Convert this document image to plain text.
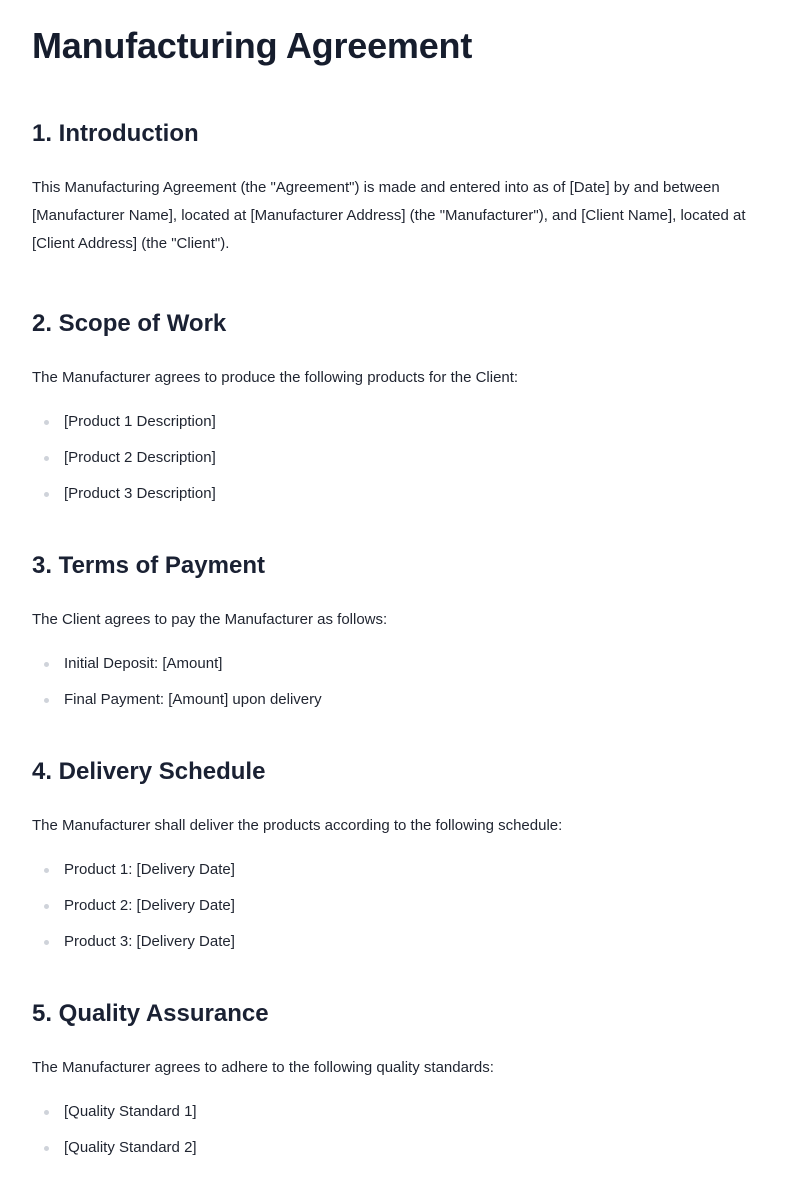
Manufacturing Agreement
1. Introduction

This Manufacturing Agreement (the "Agreement") is made and entered into as of [Date] by and between [Manufacturer Name], located at [Manufacturer Address] (the "Manufacturer"), and [Client Name], located at [Client Address] (the "Client").

2. Scope of Work

The Manufacturer agrees to produce the following products for the Client:

[Product 1 Description]
[Product 2 Description]
[Product 3 Description]
3. Terms of Payment

The Client agrees to pay the Manufacturer as follows:

Initial Deposit: [Amount]
Final Payment: [Amount] upon delivery
4. Delivery Schedule

The Manufacturer shall deliver the products according to the following schedule:

Product 1: [Delivery Date]
Product 2: [Delivery Date]
Product 3: [Delivery Date]
5. Quality Assurance

The Manufacturer agrees to adhere to the following quality standards:

[Quality Standard 1]
[Quality Standard 2]
